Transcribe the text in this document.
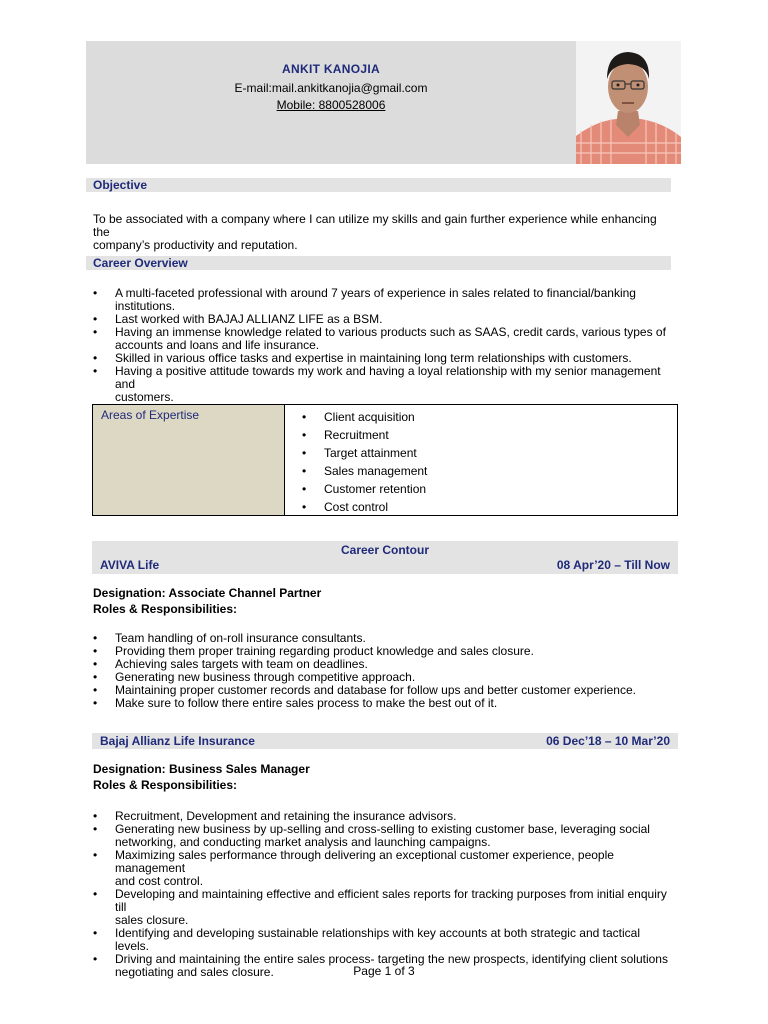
ANKIT KANOJIA
E-mail:mail.ankitkanojia@gmail.com
Mobile: 8800528006
Objective
To be associated with a company where I can utilize my skills and gain further experience while enhancing the
company’s productivity and reputation.
Career Overview
• A multi-faceted professional with around 7 years of experience in sales related to financial/banking
institutions.
• Last worked with BAJAJ ALLIANZ LIFE as a BSM.
• Having an immense knowledge related to various products such as SAAS, credit cards, various types of
accounts and loans and life insurance.
• Skilled in various office tasks and expertise in maintaining long term relationships with customers.
• Having a positive attitude towards my work and having a loyal relationship with my senior management and
customers.
Areas of Expertise
•	Client acquisition
• Recruitment
• Target attainment
• Sales management
• Customer retention
• Cost control
Career Contour
AVIVA Life	08 Apr’20 – Till Now
Designation: Associate Channel Partner
Roles & Responsibilities:
• Team handling of on-roll insurance consultants.
• Providing them proper training regarding product knowledge and sales closure.
• Achieving sales targets with team on deadlines.
• Generating new business through competitive approach.
• Maintaining proper customer records and database for follow ups and better customer experience.
• Make sure to follow there entire sales process to make the best out of it.
Bajaj Allianz Life Insurance	06 Dec’18 – 10 Mar’20
Designation: Business Sales Manager
Roles & Responsibilities:
• Recruitment, Development and retaining the insurance advisors.
• Generating new business by up-selling and cross-selling to existing customer base, leveraging social
networking, and conducting market analysis and launching campaigns.
• Maximizing sales performance through delivering an exceptional customer experience, people management
and cost control.
• Developing and maintaining effective and efficient sales reports for tracking purposes from initial enquiry till
sales closure.
• Identifying and developing sustainable relationships with key accounts at both strategic and tactical levels.
• Driving and maintaining the entire sales process- targeting the new prospects, identifying client solutions
negotiating and sales closure.	Page 1 of 3
